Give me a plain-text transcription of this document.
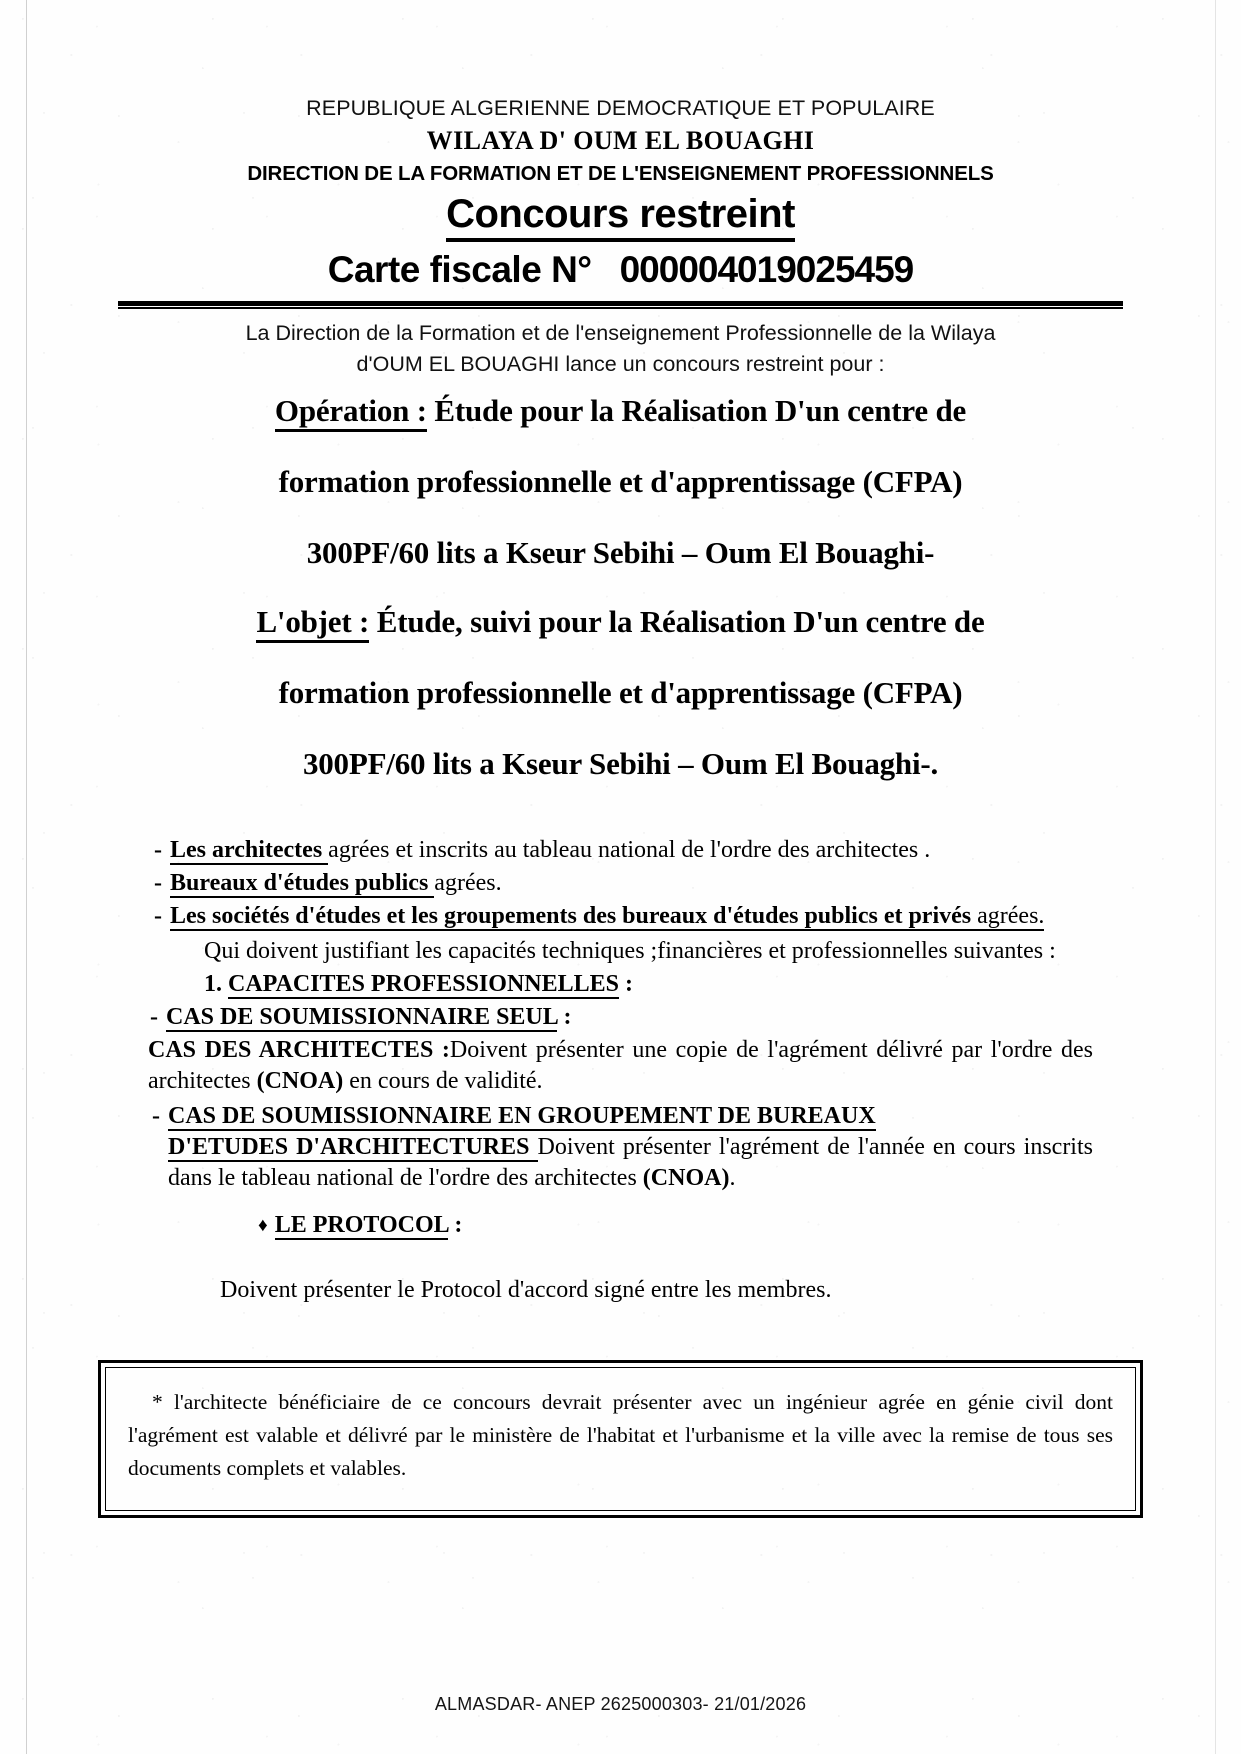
REPUBLIQUE ALGERIENNE DEMOCRATIQUE ET POPULAIRE
WILAYA D' OUM EL BOUAGHI
DIRECTION DE LA FORMATION ET DE L'ENSEIGNEMENT PROFESSIONNELS
Concours restreint
Carte fiscale N° 000004019025459
La Direction de la Formation et de l'enseignement Professionnelle de la Wilaya
d'OUM EL BOUAGHI lance un concours restreint pour :
Opération : Étude pour la Réalisation D'un centre de
formation professionnelle et d'apprentissage (CFPA)
300PF/60 lits a Kseur Sebihi – Oum El Bouaghi-
L'objet : Étude, suivi pour la Réalisation D'un centre de
formation professionnelle et d'apprentissage (CFPA)
300PF/60 lits a Kseur Sebihi – Oum El Bouaghi-.
- Les architectes agrées et inscrits au tableau national de l'ordre des architectes .
- Bureaux d'études publics agrées.
- Les sociétés d'études et les groupements des bureaux d'études publics et privés agrées.
Qui doivent justifiant les capacités techniques ;financières et professionnelles suivantes :
1. CAPACITES PROFESSIONNELLES :
- CAS DE SOUMISSIONNAIRE SEUL :
CAS DES ARCHITECTES :Doivent présenter une copie de l'agrément délivré par l'ordre des architectes (CNOA) en cours de validité.
- CAS DE SOUMISSIONNAIRE EN GROUPEMENT DE BUREAUX
D'ETUDES D'ARCHITECTURES Doivent présenter l'agrément de l'année en cours inscrits dans le tableau national de l'ordre des architectes (CNOA).
♦ LE PROTOCOL :
Doivent présenter le Protocol d'accord signé entre les membres.
* l'architecte bénéficiaire de ce concours devrait présenter avec un ingénieur agrée en génie civil dont l'agrément est valable et délivré par le ministère de l'habitat et l'urbanisme et la ville avec la remise de tous ses documents complets et valables.
ALMASDAR- ANEP 2625000303- 21/01/2026
